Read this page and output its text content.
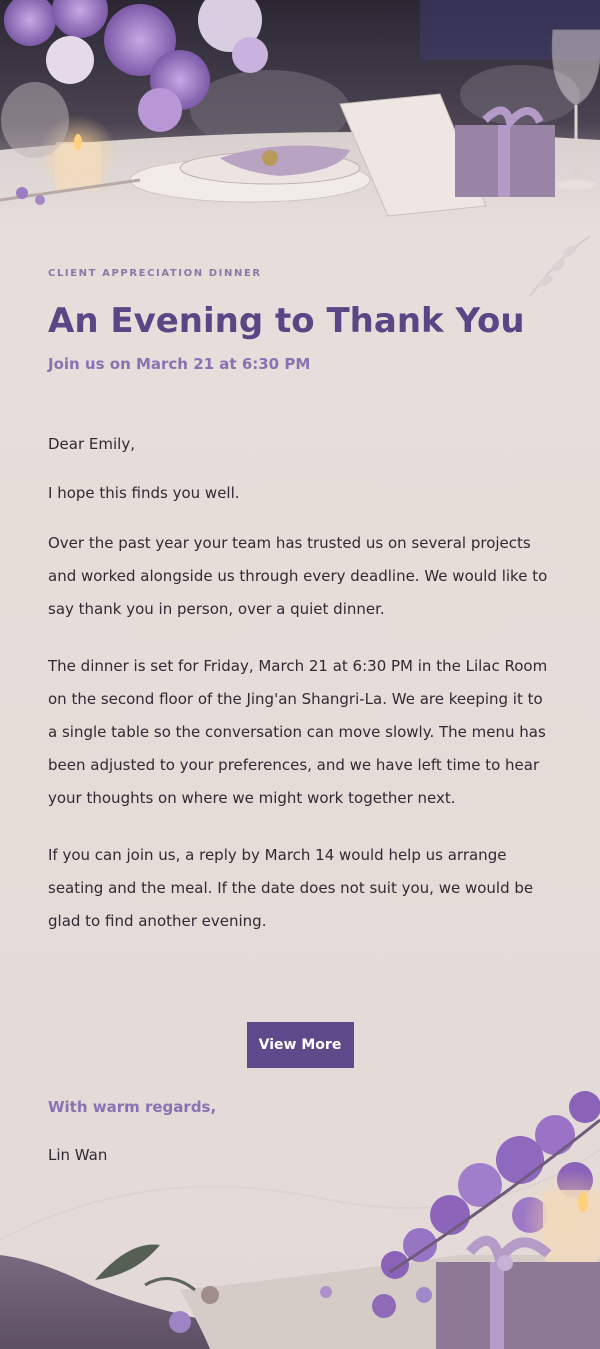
CLIENT APPRECIATION DINNER
An Evening to Thank You
Join us on March 21 at 6:30 PM
Dear Emily,
I hope this finds you well.
Over the past year your team has trusted us on several projects and worked alongside us through every deadline. We would like to say thank you in person, over a quiet dinner.
The dinner is set for Friday, March 21 at 6:30 PM in the Lilac Room on the second floor of the Jing'an Shangri-La. We are keeping it to a single table so the conversation can move slowly. The menu has been adjusted to your preferences, and we have left time to hear your thoughts on where we might work together next.
If you can join us, a reply by March 14 would help us arrange seating and the meal. If the date does not suit you, we would be glad to find another evening.
View More
With warm regards,
Lin Wan
